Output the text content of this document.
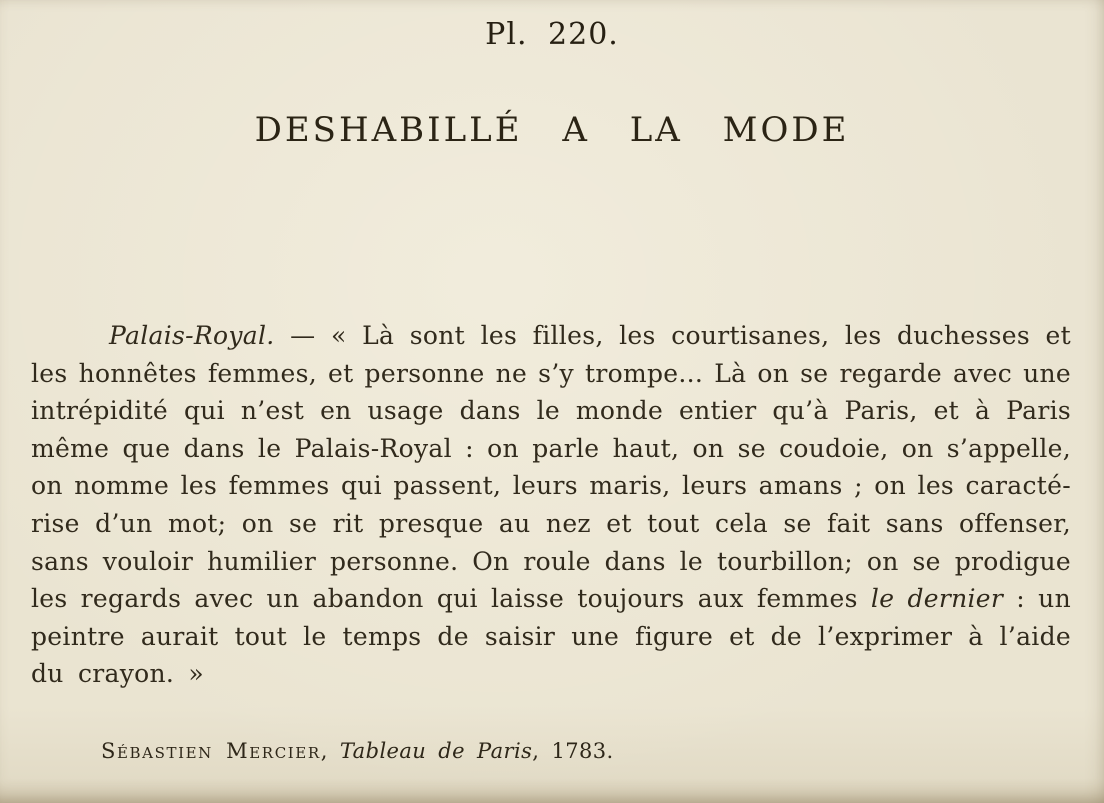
Pl. 220.
DESHABILLÉ A LA MODE
Palais-Royal. — « Là sont les filles, les courtisanes, les duchesses et
les honnêtes femmes, et personne ne s’y trompe... Là on se regarde avec une
intrépidité qui n’est en usage dans le monde entier qu’à Paris, et à Paris
même que dans le Palais-Royal : on parle haut, on se coudoie, on s’appelle,
on nomme les femmes qui passent, leurs maris, leurs amans ; on les caracté-
rise d’un mot; on se rit presque au nez et tout cela se fait sans offenser,
sans vouloir humilier personne. On roule dans le tourbillon; on se prodigue
les regards avec un abandon qui laisse toujours aux femmes le dernier : un
peintre aurait tout le temps de saisir une figure et de l’exprimer à l’aide
du crayon. »
Sébastien Mercier, Tableau de Paris, 1783.
